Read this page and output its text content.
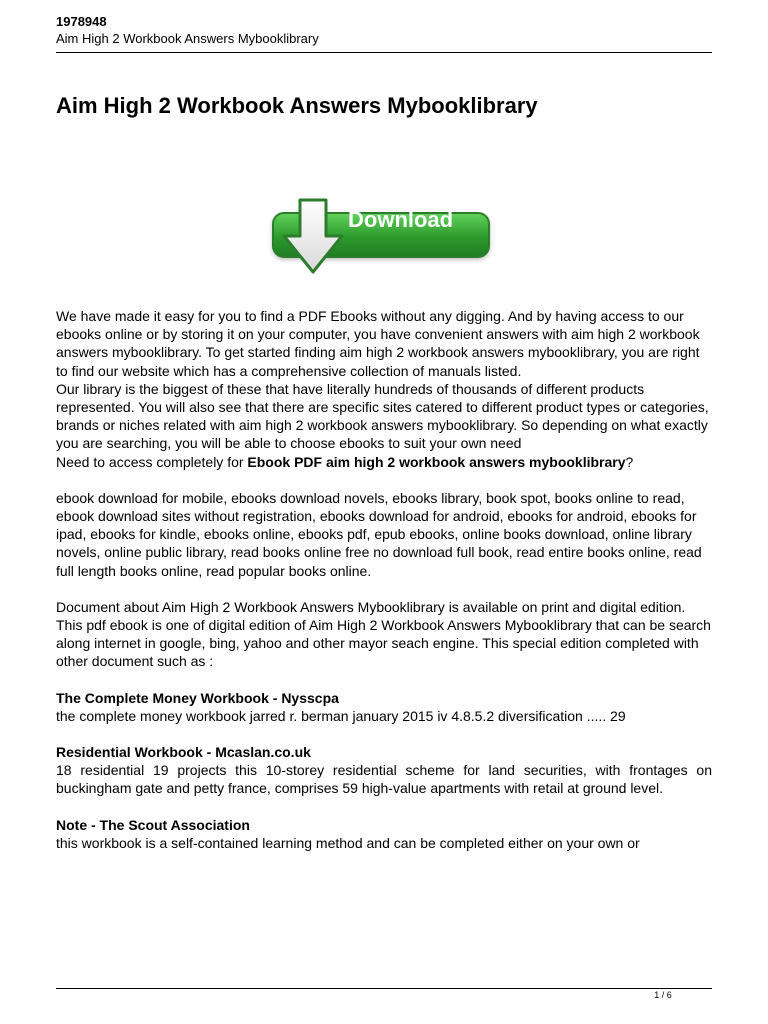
1978948
Aim High 2 Workbook Answers Mybooklibrary
Aim High 2 Workbook Answers Mybooklibrary
Download

We have made it easy for you to find a PDF Ebooks without any digging. And by having access to our ebooks online or by storing it on your computer, you have convenient answers with aim high 2 workbook answers mybooklibrary. To get started finding aim high 2 workbook answers mybooklibrary, you are right to find our website which has a comprehensive collection of manuals listed.

Our library is the biggest of these that have literally hundreds of thousands of different products represented. You will also see that there are specific sites catered to different product types or categories, brands or niches related with aim high 2 workbook answers mybooklibrary. So depending on what exactly you are searching, you will be able to choose ebooks to suit your own need

Need to access completely for Ebook PDF aim high 2 workbook answers mybooklibrary?

ebook download for mobile, ebooks download novels, ebooks library, book spot, books online to read, ebook download sites without registration, ebooks download for android, ebooks for android, ebooks for ipad, ebooks for kindle, ebooks online, ebooks pdf, epub ebooks, online books download, online library novels, online public library, read books online free no download full book, read entire books online, read full length books online, read popular books online.

Document about Aim High 2 Workbook Answers Mybooklibrary is available on print and digital edition. This pdf ebook is one of digital edition of Aim High 2 Workbook Answers Mybooklibrary that can be search along internet in google, bing, yahoo and other mayor seach engine. This special edition completed with other document such as :

The Complete Money Workbook - Nysscpa

the complete money workbook jarred r. berman january 2015 iv 4.8.5.2 diversification ..... 29

Residential Workbook - Mcaslan.co.uk

18 residential 19 projects this 10-storey residential scheme for land securities, with frontages on buckingham gate and petty france, comprises 59 high-value apartments with retail at ground level.

Note - The Scout Association

this workbook is a self-contained learning method and can be completed either on your own or

1 / 6
